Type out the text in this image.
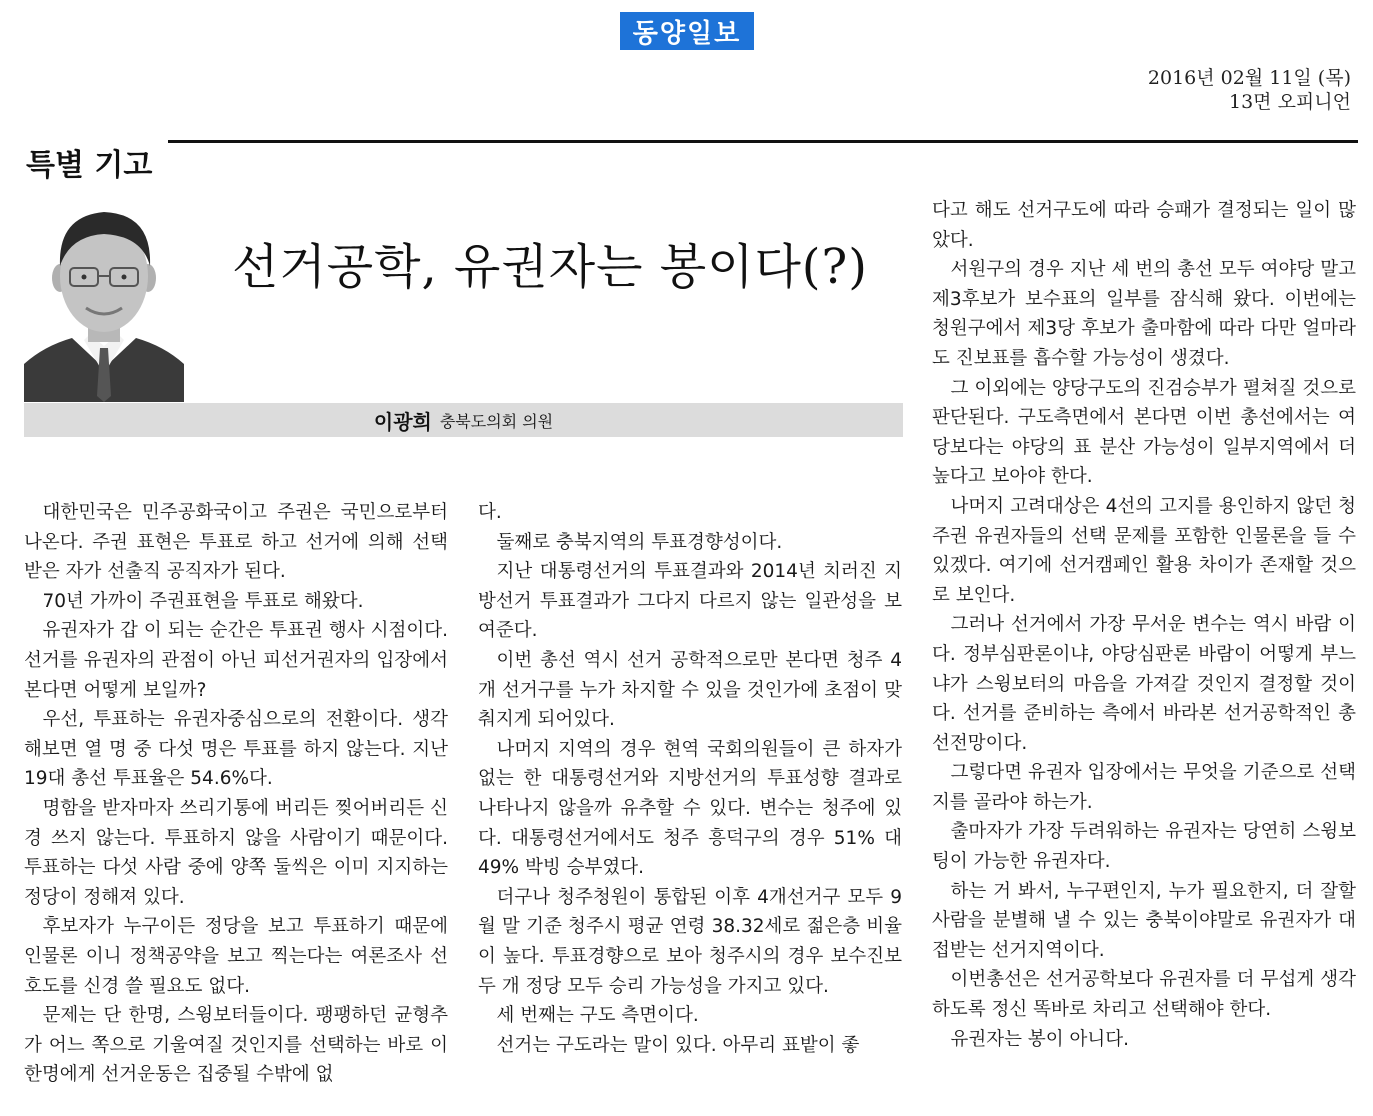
동양일보
2016년 02월 11일 (목)
13면 오피니언
특별 기고
선거공학, 유권자는 봉이다(?)
이광희 충북도의회 의원

대한민국은 민주공화국이고 주권은 국민으로부터 나온다. 주권 표현은 투표로 하고 선거에 의해 선택 받은 자가 선출직 공직자가 된다.

70년 가까이 주권표현을 투표로 해왔다.

유권자가 갑 이 되는 순간은 투표권 행사 시점이다. 선거를 유권자의 관점이 아닌 피선거권자의 입장에서 본다면 어떻게 보일까?

우선, 투표하는 유권자중심으로의 전환이다. 생각해보면 열 명 중 다섯 명은 투표를 하지 않는다. 지난 19대 총선 투표율은 54.6%다.

명함을 받자마자 쓰리기통에 버리든 찢어버리든 신경 쓰지 않는다. 투표하지 않을 사람이기 때문이다. 투표하는 다섯 사람 중에 양쪽 둘씩은 이미 지지하는 정당이 정해져 있다.

후보자가 누구이든 정당을 보고 투표하기 때문에 인물론 이니 정책공약을 보고 찍는다는 여론조사 선호도를 신경 쓸 필요도 없다.

문제는 단 한명, 스윙보터들이다. 팽팽하던 균형추가 어느 쪽으로 기울여질 것인지를 선택하는 바로 이 한명에게 선거운동은 집중될 수밖에 없

다.

둘째로 충북지역의 투표경향성이다.

지난 대통령선거의 투표결과와 2014년 치러진 지방선거 투표결과가 그다지 다르지 않는 일관성을 보여준다.

이번 총선 역시 선거 공학적으로만 본다면 청주 4개 선거구를 누가 차지할 수 있을 것인가에 초점이 맞춰지게 되어있다.

나머지 지역의 경우 현역 국회의원들이 큰 하자가 없는 한 대통령선거와 지방선거의 투표성향 결과로 나타나지 않을까 유추할 수 있다. 변수는 청주에 있다. 대통령선거에서도 청주 흥덕구의 경우 51% 대 49% 박빙 승부였다.

더구나 청주청원이 통합된 이후 4개선거구 모두 9월 말 기준 청주시 평균 연령 38.32세로 젊은층 비율이 높다. 투표경향으로 보아 청주시의 경우 보수진보 두 개 정당 모두 승리 가능성을 가지고 있다.

세 번째는 구도 측면이다.

선거는 구도라는 말이 있다. 아무리 표밭이 좋

다고 해도 선거구도에 따라 승패가 결정되는 일이 많았다.

서원구의 경우 지난 세 번의 총선 모두 여야당 말고 제3후보가 보수표의 일부를 잠식해 왔다. 이번에는 청원구에서 제3당 후보가 출마함에 따라 다만 얼마라도 진보표를 흡수할 가능성이 생겼다.

그 이외에는 양당구도의 진검승부가 펼쳐질 것으로 판단된다. 구도측면에서 본다면 이번 총선에서는 여당보다는 야당의 표 분산 가능성이 일부지역에서 더 높다고 보아야 한다.

나머지 고려대상은 4선의 고지를 용인하지 않던 청주권 유권자들의 선택 문제를 포함한 인물론을 들 수 있겠다. 여기에 선거캠페인 활용 차이가 존재할 것으로 보인다.

그러나 선거에서 가장 무서운 변수는 역시 바람 이다. 정부심판론이냐, 야당심판론 바람이 어떻게 부느냐가 스윙보터의 마음을 가져갈 것인지 결정할 것이다. 선거를 준비하는 측에서 바라본 선거공학적인 총선전망이다.

그렇다면 유권자 입장에서는 무엇을 기준으로 선택지를 골라야 하는가.

출마자가 가장 두려워하는 유권자는 당연히 스윙보팅이 가능한 유권자다.

하는 거 봐서, 누구편인지, 누가 필요한지, 더 잘할 사람을 분별해 낼 수 있는 충북이야말로 유권자가 대접받는 선거지역이다.

이번총선은 선거공학보다 유권자를 더 무섭게 생각하도록 정신 똑바로 차리고 선택해야 한다.

유권자는 봉이 아니다.
